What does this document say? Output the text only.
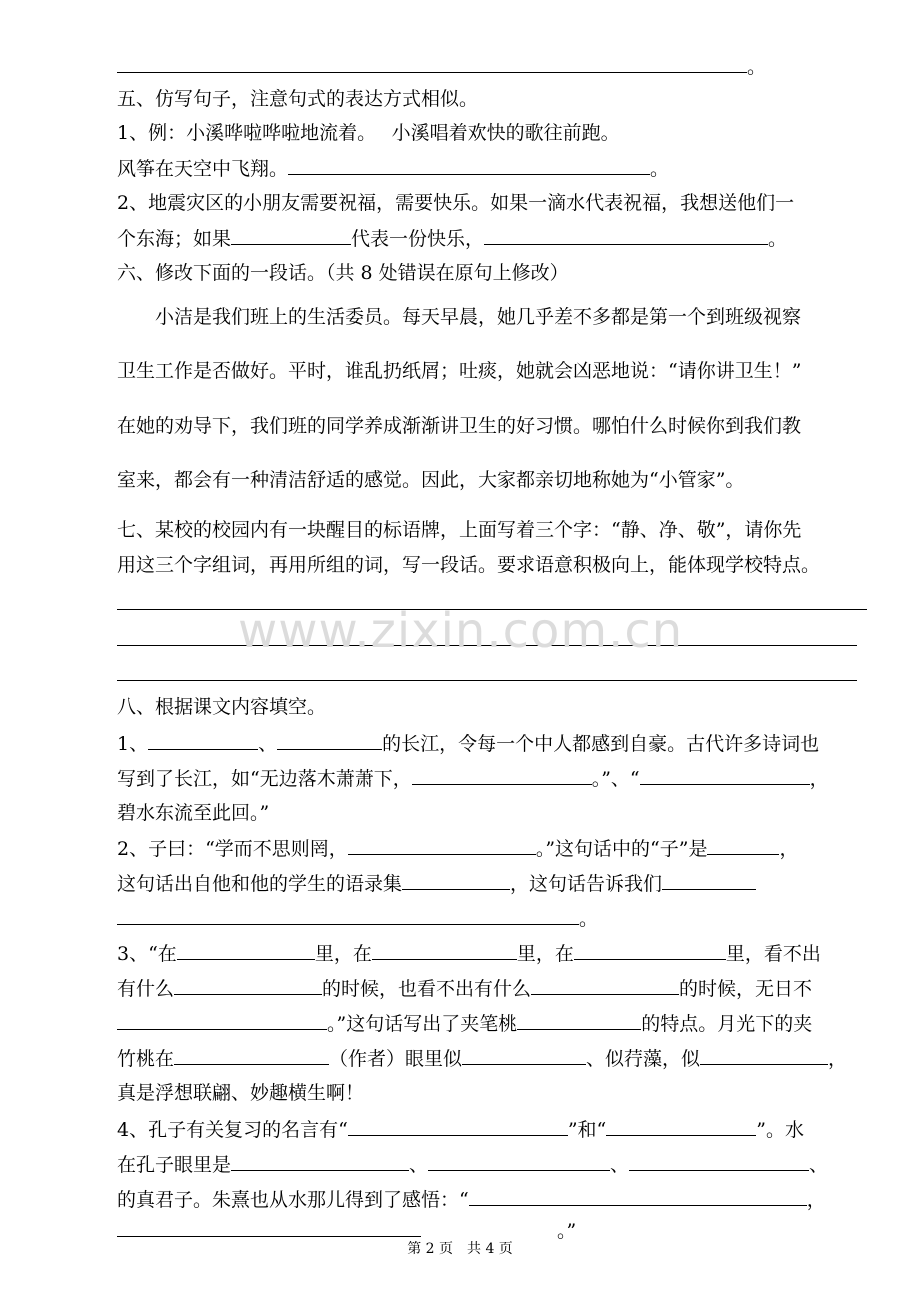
。
五、仿写句子，注意句式的表达方式相似。
1、例：小溪哗啦哗啦地流着。　 小溪唱着欢快的歌往前跑。
风筝在天空中飞翔。	。
2、地震灾区的小朋友需要祝福，需要快乐。如果一滴水代表祝福，我想送他们一
个东海；如果	代表一份快乐，	。
六、修改下面的一段话。（共 8 处错误在原句上修改）
　　小洁是我们班上的生活委员。每天早晨，她几乎差不多都是第一个到班级视察
卫生工作是否做好。平时，谁乱扔纸屑；吐痰，她就会凶恶地说：“请你讲卫生！”
在她的劝导下，我们班的同学养成渐渐讲卫生的好习惯。哪怕什么时候你到我们教
室来，都会有一种清洁舒适的感觉。因此，大家都亲切地称她为“小管家”。
七、某校的校园内有一块醒目的标语牌，上面写着三个字：“静、净、敬”，请你先
用这三个字组词，再用所组的词，写一段话。要求语意积极向上，能体现学校特点。
www.zixin.com.cn
八、根据课文内容填空。
1、	、	的长江，令每一个中人都感到自豪。古代许多诗词也
写到了长江，如“无边落木萧萧下，	。”、“	，
碧水东流至此回。”
2、子曰：“学而不思则罔，	。”这句话中的“子”是	，
这句话出自他和他的学生的语录集	，这句话告诉我们
。
3、“在	里，在	里，在	里，看不出
有什么	的时候，也看不出有什么	的时候，无日不
。”这句话写出了夹笔桃	的特点。月光下的夹
竹桃在	（作者）眼里似	、似荇藻，似	，
真是浮想联翩、妙趣横生啊！
4、孔子有关复习的名言有“	”和“	”。水
在孔子眼里是	、	、	、
的真君子。朱熹也从水那儿得到了感悟：“	，
。”
第 2 页　共 4 页
